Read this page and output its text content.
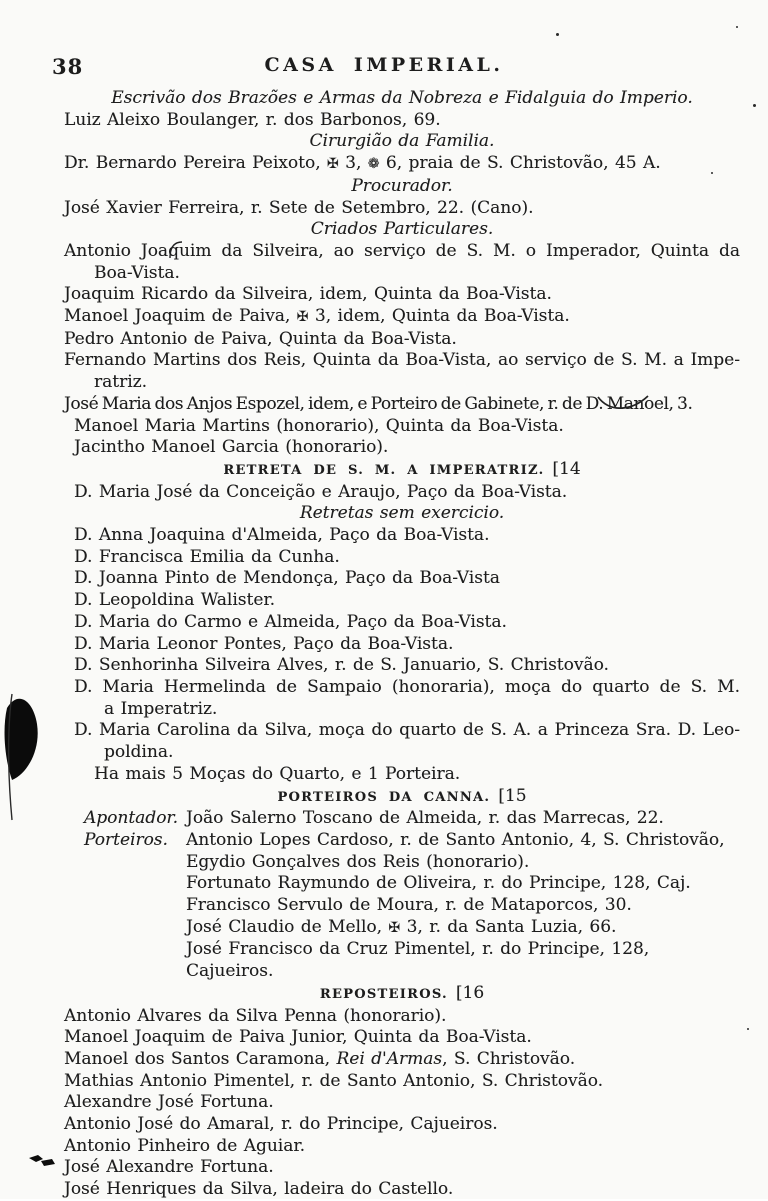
38	CASA IMPERIAL.
Escrivão dos Brazões e Armas da Nobreza e Fidalguia do Imperio.
Luiz Aleixo Boulanger, r. dos Barbonos, 69.
Cirurgião da Familia.
Dr. Bernardo Pereira Peixoto, ✠ 3, ❁ 6, praia de S. Christovão, 45 A.
Procurador.
José Xavier Ferreira, r. Sete de Setembro, 22. (Cano).
Criados Particulares.
Antonio Joaquim da Silveira, ao serviço de S. M. o Imperador, Quinta da
Boa-Vista.
Joaquim Ricardo da Silveira, idem, Quinta da Boa-Vista.
Manoel Joaquim de Paiva, ✠ 3, idem, Quinta da Boa-Vista.
Pedro Antonio de Paiva, Quinta da Boa-Vista.
Fernando Martins dos Reis, Quinta da Boa-Vista, ao serviço de S. M. a Impe-
ratriz.
José Maria dos Anjos Espozel, idem, e Porteiro de Gabinete, r. de D. Manoel, 3.
Manoel Maria Martins (honorario), Quinta da Boa-Vista.
Jacintho Manoel Garcia (honorario).
RETRETA DE S. M. A IMPERATRIZ. [14
D. Maria José da Conceição e Araujo, Paço da Boa-Vista.
Retretas sem exercicio.
D. Anna Joaquina d'Almeida, Paço da Boa-Vista.
D. Francisca Emilia da Cunha.
D. Joanna Pinto de Mendonça, Paço da Boa-Vista
D. Leopoldina Walister.
D. Maria do Carmo e Almeida, Paço da Boa-Vista.
D. Maria Leonor Pontes, Paço da Boa-Vista.
D. Senhorinha Silveira Alves, r. de S. Januario, S. Christovão.
D. Maria Hermelinda de Sampaio (honoraria), moça do quarto de S. M.
a Imperatriz.
D. Maria Carolina da Silva, moça do quarto de S. A. a Princeza Sra. D. Leo-
poldina.
Ha mais 5 Moças do Quarto, e 1 Porteira.
PORTEIROS DA CANNA. [15
Apontador. João Salerno Toscano de Almeida, r. das Marrecas, 22.
Porteiros.	Antonio Lopes Cardoso, r. de Santo Antonio, 4, S. Christovão,
Egydio Gonçalves dos Reis (honorario).
Fortunato Raymundo de Oliveira, r. do Principe, 128, Caj.
Francisco Servulo de Moura, r. de Mataporcos, 30.
José Claudio de Mello, ✠ 3, r. da Santa Luzia, 66.
José Francisco da Cruz Pimentel, r. do Principe, 128, Cajueiros.
REPOSTEIROS. [16
Antonio Alvares da Silva Penna (honorario).
Manoel Joaquim de Paiva Junior, Quinta da Boa-Vista.
Manoel dos Santos Caramona, Rei d'Armas, S. Christovão.
Mathias Antonio Pimentel, r. de Santo Antonio, S. Christovão.
Alexandre José Fortuna.
Antonio José do Amaral, r. do Principe, Cajueiros.
Antonio Pinheiro de Aguiar.
José Alexandre Fortuna.
José Henriques da Silva, ladeira do Castello.
